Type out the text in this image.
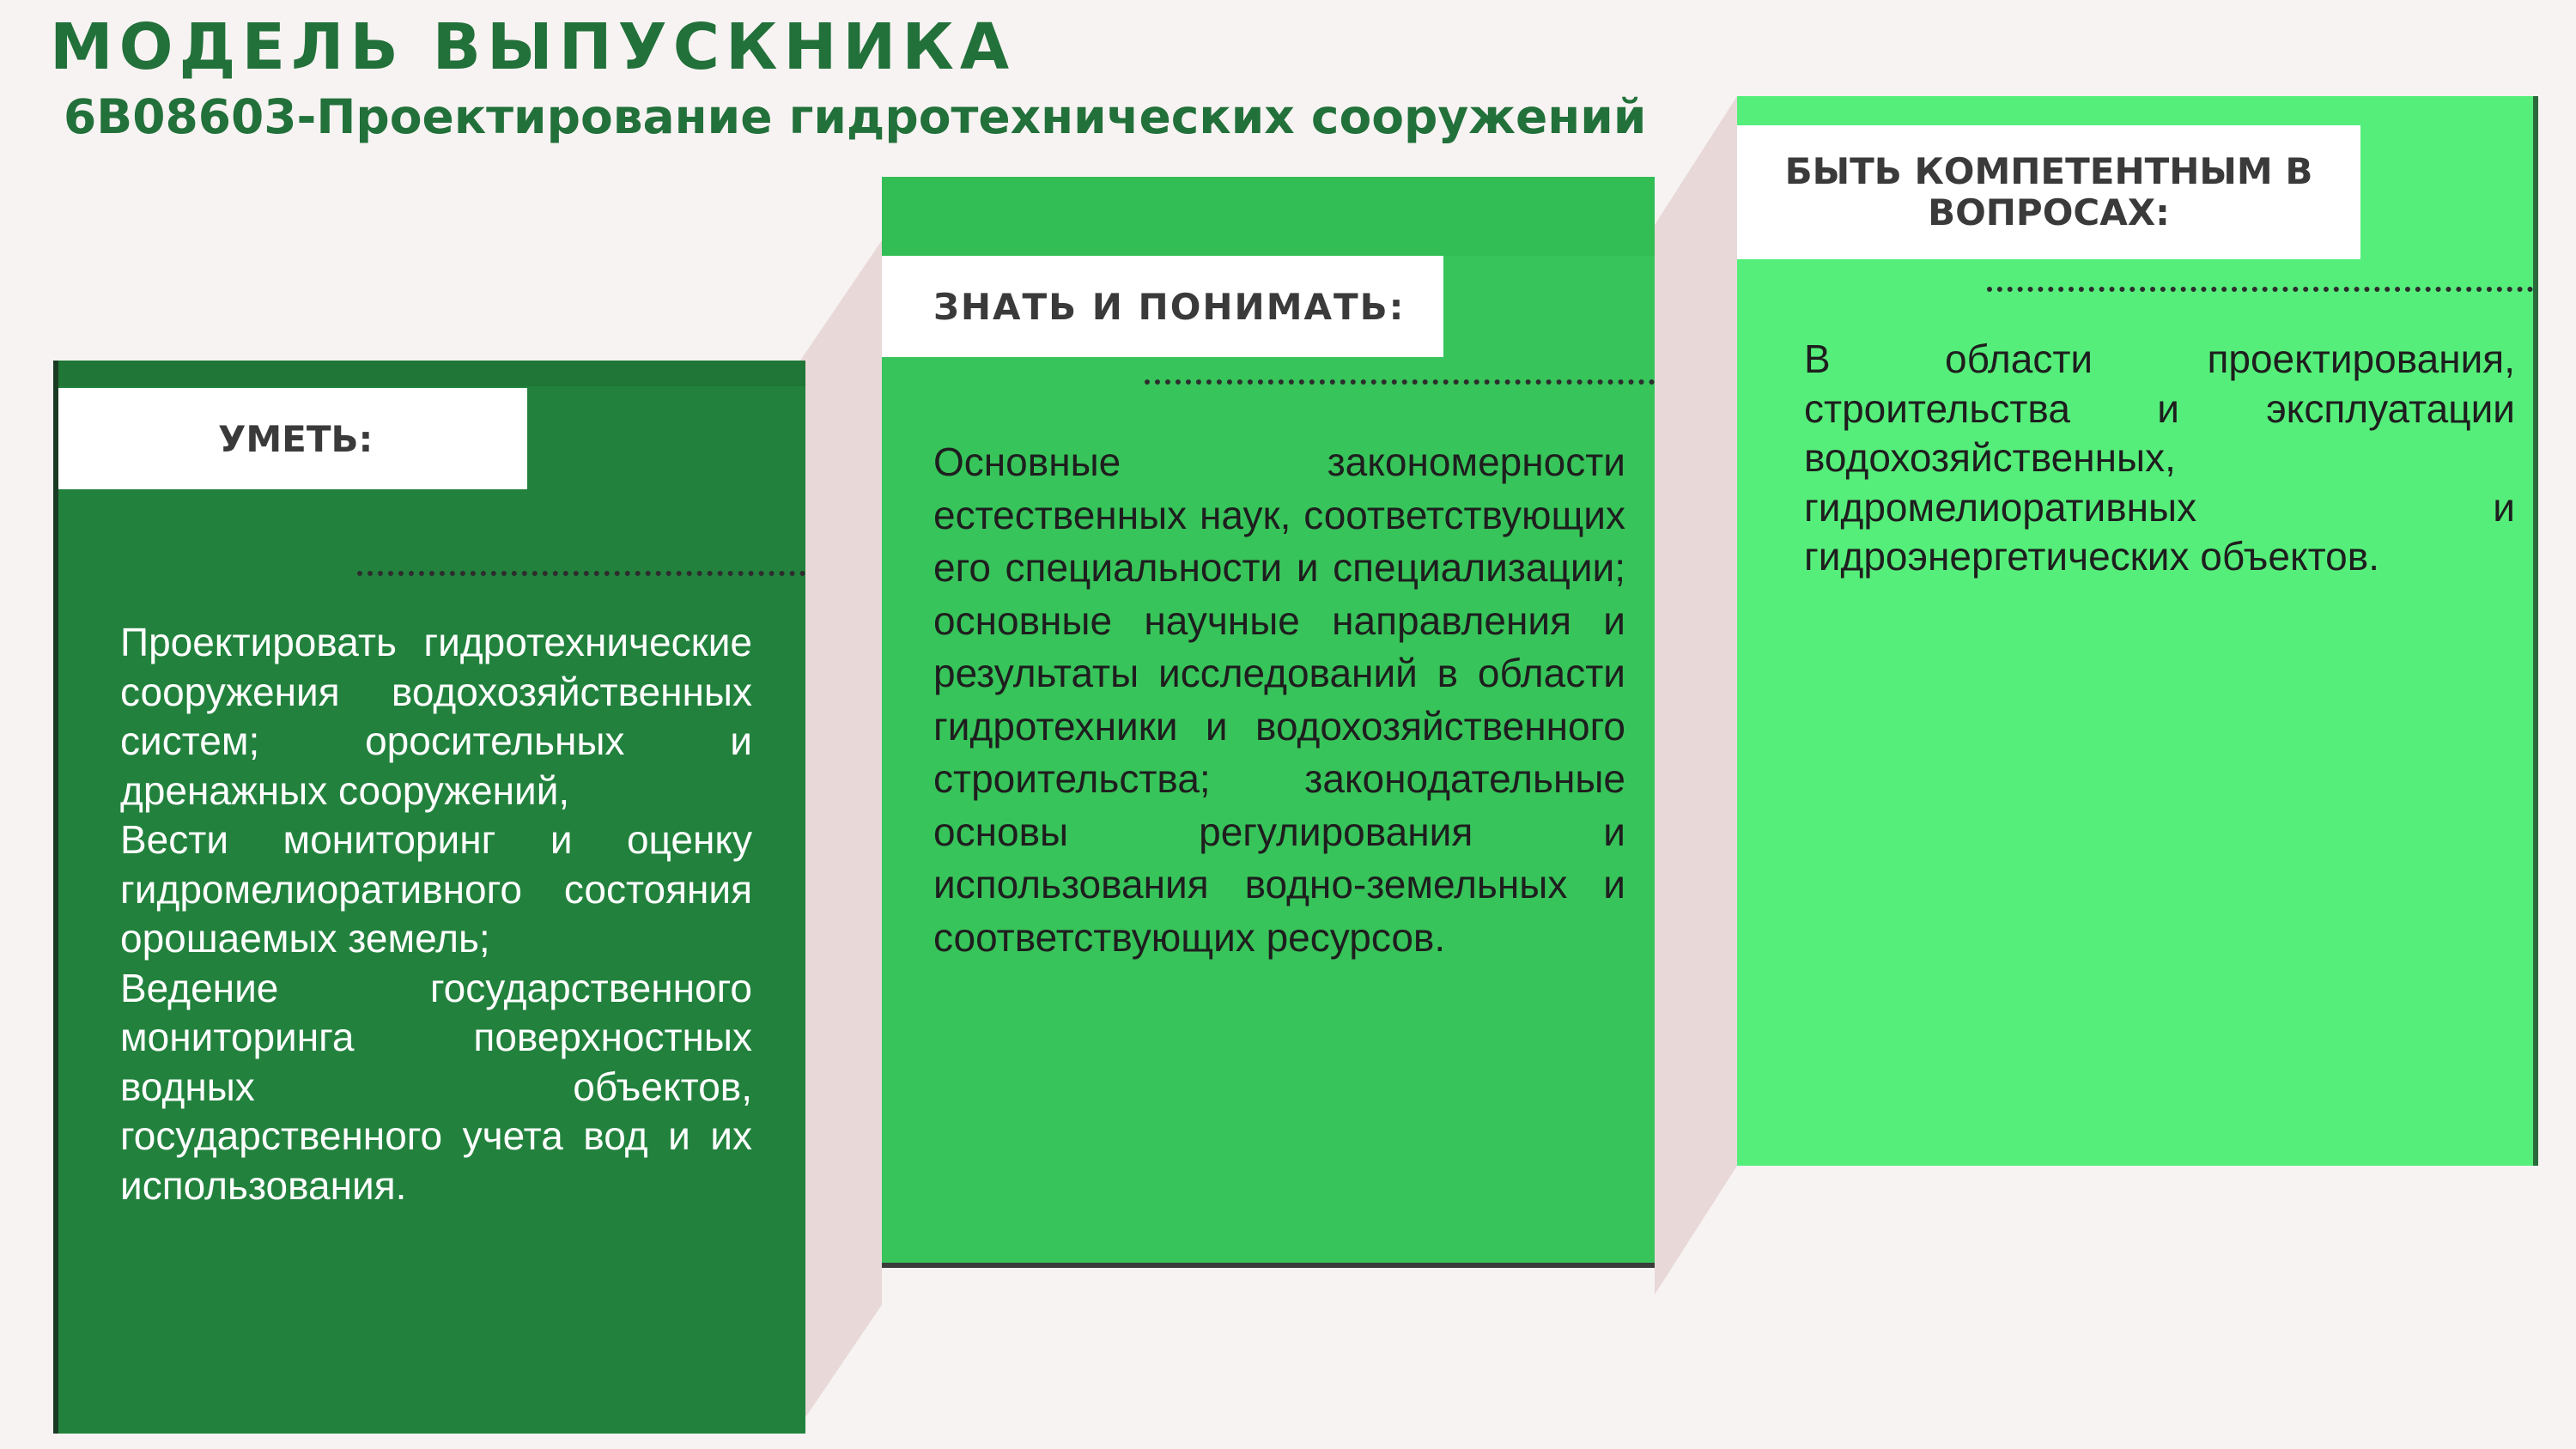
МОДЕЛЬ ВЫПУСКНИКА
6В08603-Проектирование гидротехнических сооружений
УМЕТЬ:
Проектировать гидротехнические сооружения водохозяйственных систем; оросительных и дренажных сооружений,
Вести мониторинг и оценку гидромелиоративного состояния орошаемых земель;
Ведение государственного мониторинга поверхностных водных объектов, государственного учета вод и их использования.
ЗНАТЬ И ПОНИМАТЬ:
Основные закономерности естественных наук, соответствующих его специальности и специализации; основные научные направления и результаты исследований в области гидротехники и водохозяйственного строительства; законодательные основы регулирования и использования водно-земельных и соответствующих ресурсов.
БЫТЬ КОМПЕТЕНТНЫМ В ВОПРОСАХ:
В области проектирования, строительства и эксплуатации водохозяйственных, гидромелиоративных и гидроэнергетических объектов.
